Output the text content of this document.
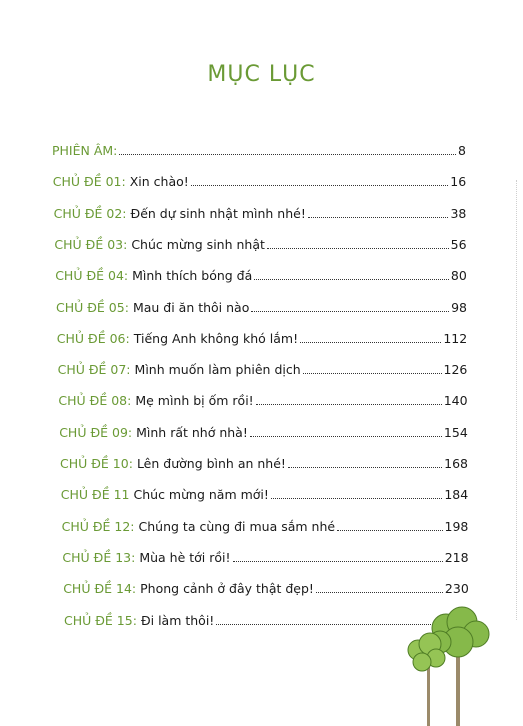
MỤC LỤC
PHIÊN ÂM:	8
CHỦ ĐỀ 01: Xin chào!	16
CHỦ ĐỀ 02: Đến dự sinh nhật mình nhé!	38
CHỦ ĐỀ 03: Chúc mừng sinh nhật	56
CHỦ ĐỀ 04: Mình thích bóng đá	80
CHỦ ĐỀ 05: Mau đi ăn thôi nào	98
CHỦ ĐỀ 06: Tiếng Anh không khó lắm!	112
CHỦ ĐỀ 07: Mình muốn làm phiên dịch	126
CHỦ ĐỀ 08: Mẹ mình bị ốm rồi!	140
CHỦ ĐỀ 09: Mình rất nhớ nhà!	154
CHỦ ĐỀ 10: Lên đường bình an nhé!	168
CHỦ ĐỀ 11 Chúc mừng năm mới!	184
CHỦ ĐỀ 12: Chúng ta cùng đi mua sắm nhé	198
CHỦ ĐỀ 13: Mùa hè tới rồi!	218
CHỦ ĐỀ 14: Phong cảnh ở đây thật đẹp!	230
CHỦ ĐỀ 15: Đi làm thôi!
